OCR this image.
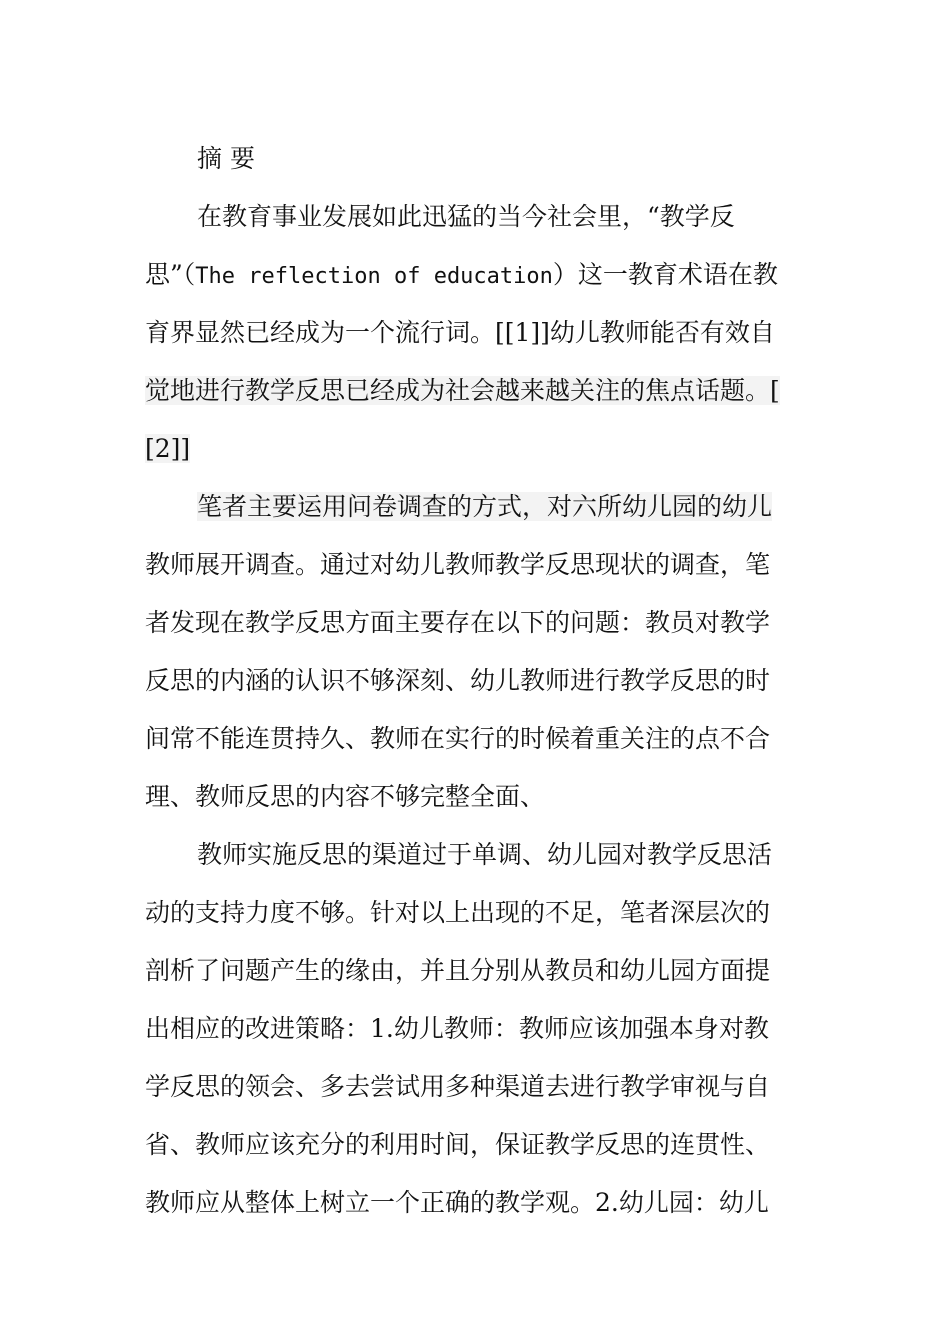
摘 要
在教育事业发展如此迅猛的当今社会里，“教学反
思”（The reflection of education）这一教育术语在教
育界显然已经成为一个流行词。[[1]]幼儿教师能否有效自
觉地进行教学反思已经成为社会越来越关注的焦点话题。[
[2]]
笔者主要运用问卷调查的方式，对六所幼儿园的幼儿
教师展开调查。通过对幼儿教师教学反思现状的调查，笔
者发现在教学反思方面主要存在以下的问题：教员对教学
反思的内涵的认识不够深刻、幼儿教师进行教学反思的时
间常不能连贯持久、教师在实行的时候着重关注的点不合
理、教师反思的内容不够完整全面、
教师实施反思的渠道过于单调、幼儿园对教学反思活
动的支持力度不够。针对以上出现的不足，笔者深层次的
剖析了问题产生的缘由，并且分别从教员和幼儿园方面提
出相应的改进策略：1.幼儿教师：教师应该加强本身对教
学反思的领会、多去尝试用多种渠道去进行教学审视与自
省、教师应该充分的利用时间，保证教学反思的连贯性、
教师应从整体上树立一个正确的教学观。2.幼儿园：幼儿
